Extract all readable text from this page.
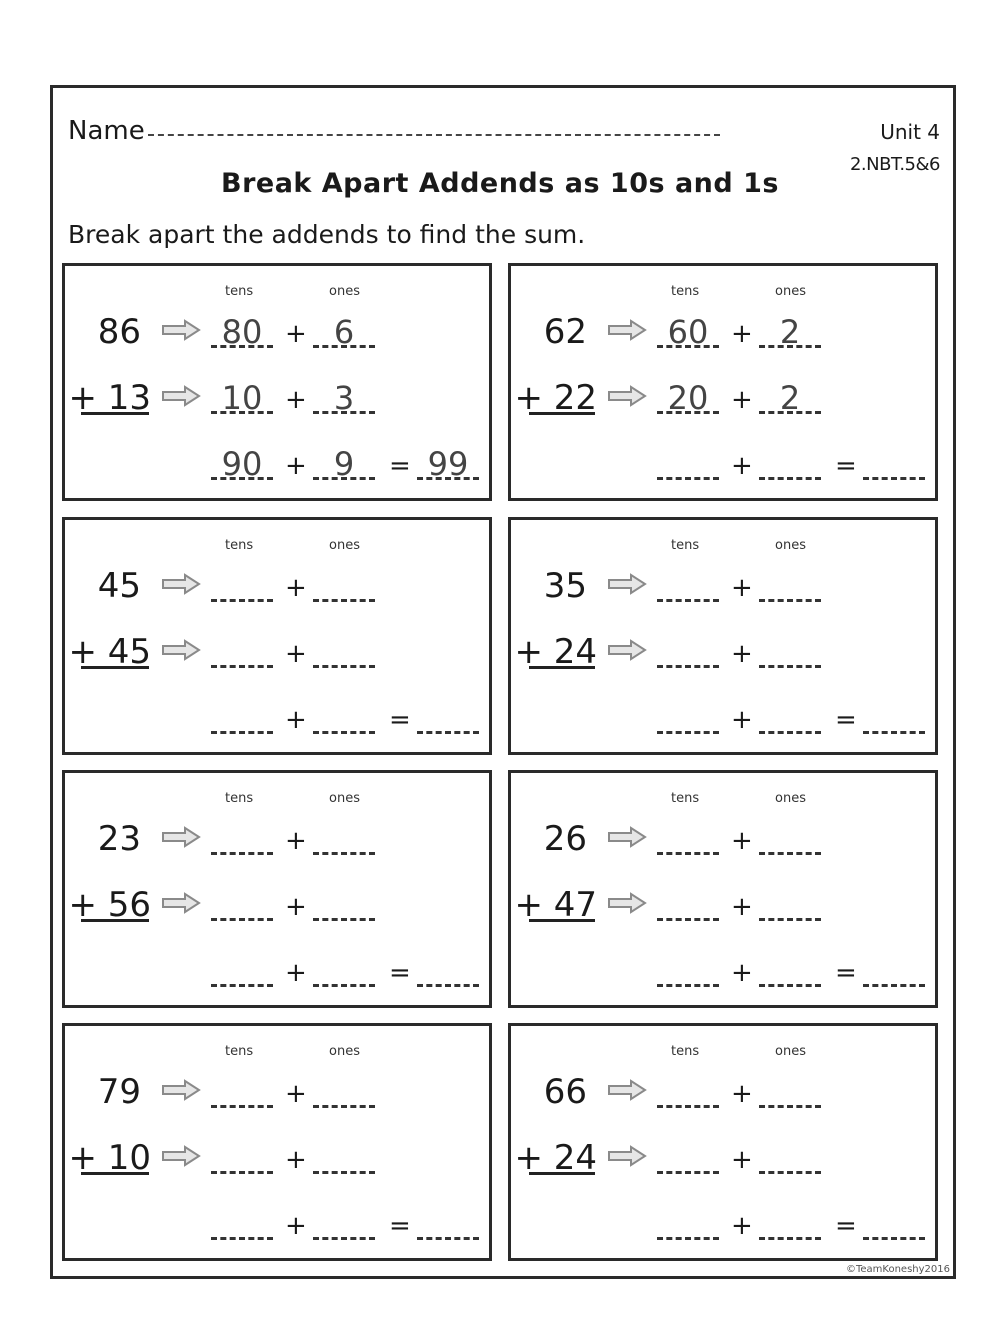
Name	Unit 4
2.NBT.5&6
Break Apart Addends as 10s and 1s
Break apart the addends to find the sum.
tens	ones
86
+ 13
80 + 6
10 + 3
90 + 9	= 99
tens	ones
62
+ 22
60 + 2
20 + 2
+	=
tens	ones
45
+ 45
+
+
+	=
tens	ones
35
+ 24
+
+
+	=
tens	ones
23
+ 56
+
+
+	=
tens	ones
26
+ 47
+
+
+	=
tens	ones
79
+ 10
+
+
+	=
tens	ones
66
+ 24
+
+
+	=
©TeamKoneshy2016
